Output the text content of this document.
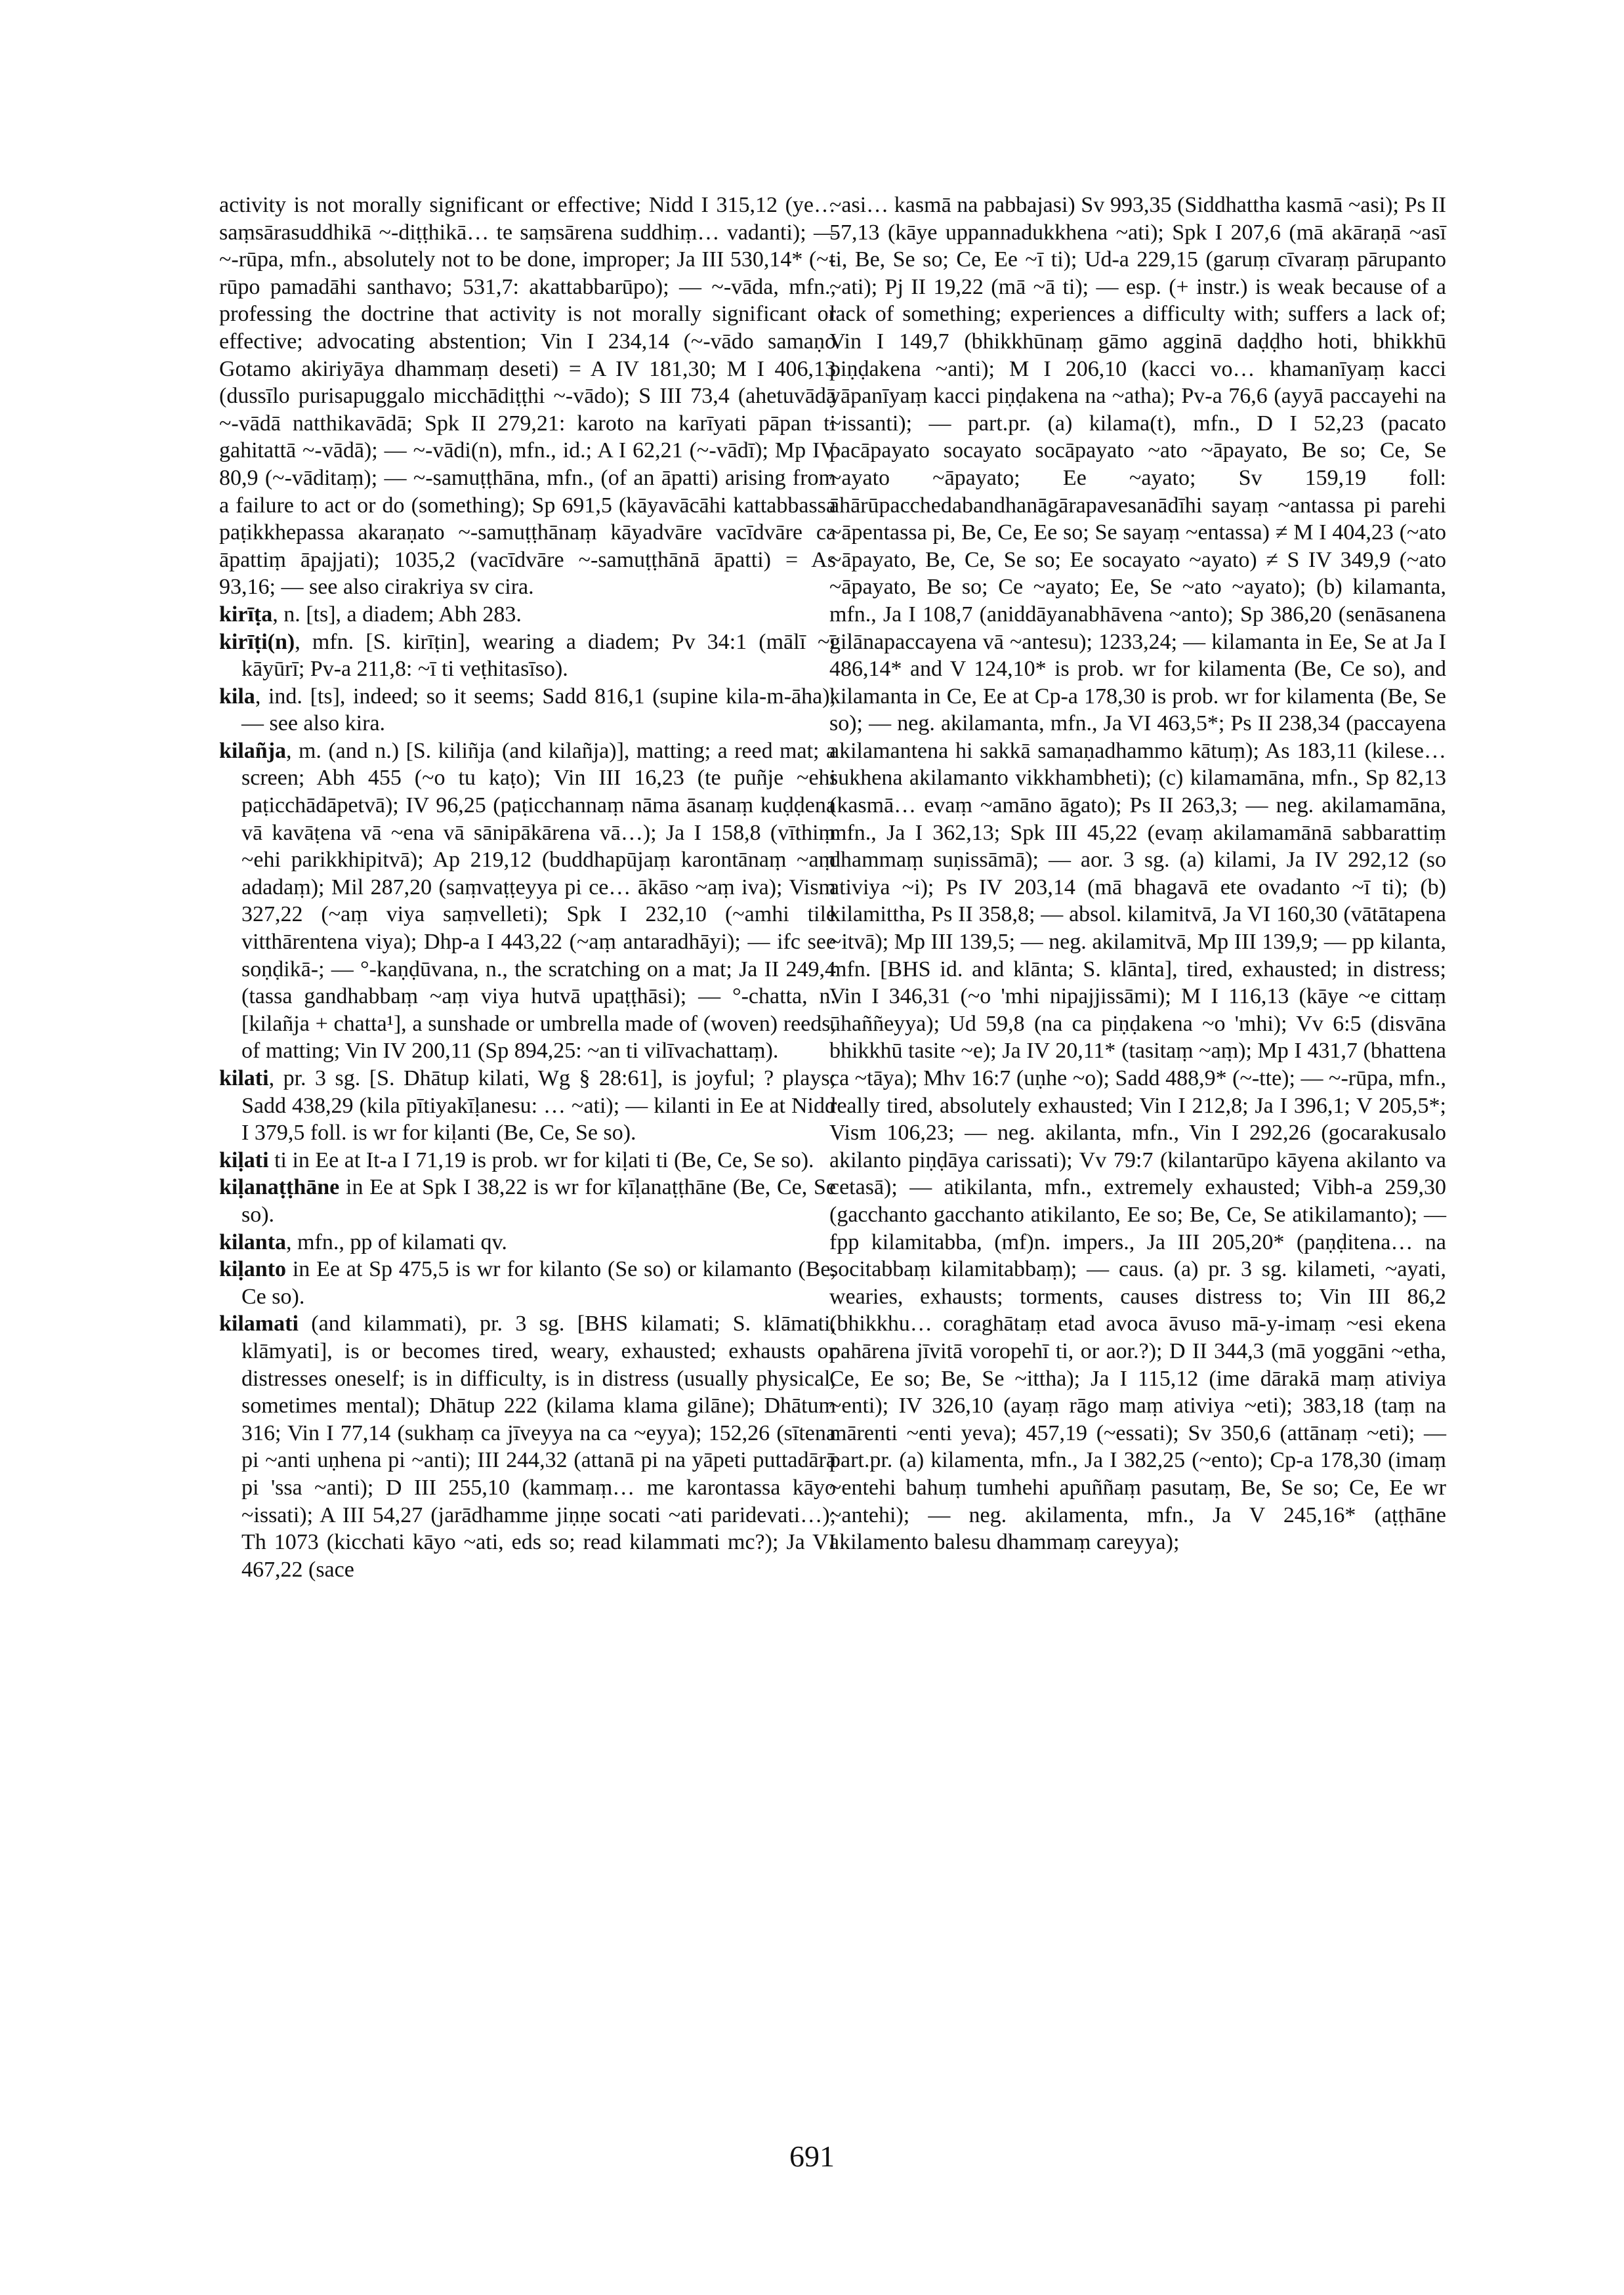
activity is not morally significant or effective; Nidd I 315,12 (ye… saṃsārasuddhikā ~-diṭṭhikā… te saṃsārena suddhiṃ… vadanti); — ~-rūpa, mfn., absolutely not to be done, improper; Ja III 530,14* (~-rūpo pamadāhi santhavo; 531,7: akattabbarūpo); — ~-vāda, mfn., professing the doctrine that activity is not morally significant or effective; advocating abstention; Vin I 234,14 (~-vādo samaṇo Gotamo akiriyāya dhammaṃ deseti) = A IV 181,30; M I 406,13 (dussīlo purisapuggalo micchādiṭṭhi ~-vādo); S III 73,4 (ahetuvādā ~-vādā natthikavādā; Spk II 279,21: karoto na karīyati pāpan ti gahitattā ~-vādā); — ~-vādi(n), mfn., id.; A I 62,21 (~-vādī); Mp IV 80,9 (~-vāditaṃ); — ~-samuṭṭhāna, mfn., (of an āpatti) arising from a failure to act or do (something); Sp 691,5 (kāyavācāhi kattabbassa paṭikkhepassa akaraṇato ~-samuṭṭhānaṃ kāyadvāre vacīdvāre ca āpattiṃ āpajjati); 1035,2 (vacīdvāre ~-samuṭṭhānā āpatti) = As 93,16; — see also cirakriya sv cira.

kirīṭa, n. [ts], a diadem; Abh 283.

kirīṭi(n), mfn. [S. kirīṭin], wearing a diadem; Pv 34:1 (mālī ~ī kāyūrī; Pv-a 211,8: ~ī ti veṭhitasīso).

kila, ind. [ts], indeed; so it seems; Sadd 816,1 (supine kila-m-āha); — see also kira.

kilañja, m. (and n.) [S. kiliñja (and kilañja)], matting; a reed mat; a screen; Abh 455 (~o tu kaṭo); Vin III 16,23 (te puñje ~ehi paṭicchādāpetvā); IV 96,25 (paṭicchannaṃ nāma āsanaṃ kuḍḍena vā kavāṭena vā ~ena vā sānipākārena vā…); Ja I 158,8 (vīthiṃ ~ehi parikkhipitvā); Ap 219,12 (buddhapūjaṃ karontānaṃ ~aṃ adadaṃ); Mil 287,20 (saṃvaṭṭeyya pi ce… ākāso ~aṃ iva); Vism 327,22 (~aṃ viya saṃvelleti); Spk I 232,10 (~amhi tile vitthārentena viya); Dhp-a I 443,22 (~aṃ antaradhāyi); — ifc see soṇḍikā-; — °-kaṇḍūvana, n., the scratching on a mat; Ja II 249,4 (tassa gandhabbaṃ ~aṃ viya hutvā upaṭṭhāsi); — °-chatta, n. [kilañja + chatta¹], a sunshade or umbrella made of (woven) reeds, of matting; Vin IV 200,11 (Sp 894,25: ~an ti vilīvachattaṃ).

kilati, pr. 3 sg. [S. Dhātup kilati, Wg § 28:61], is joyful; ? plays; Sadd 438,29 (kila pītiyakīḷanesu: … ~ati); — kilanti in Ee at Nidd I 379,5 foll. is wr for kiḷanti (Be, Ce, Se so).

kiḷati ti in Ee at It-a I 71,19 is prob. wr for kiḷati ti (Be, Ce, Se so).

kiḷanaṭṭhāne in Ee at Spk I 38,22 is wr for kīḷanaṭṭhāne (Be, Ce, Se so).

kilanta, mfn., pp of kilamati qv.

kiḷanto in Ee at Sp 475,5 is wr for kilanto (Se so) or kilamanto (Be, Ce so).

kilamati (and kilammati), pr. 3 sg. [BHS kilamati; S. klāmati, klāmyati], is or becomes tired, weary, exhausted; exhausts or distresses oneself; is in difficulty, is in distress (usually physical, sometimes mental); Dhātup 222 (kilama klama gilāne); Dhātum 316; Vin I 77,14 (sukhaṃ ca jīveyya na ca ~eyya); 152,26 (sītena pi ~anti uṇhena pi ~anti); III 244,32 (attanā pi na yāpeti puttadārā pi 'ssa ~anti); D III 255,10 (kammaṃ… me karontassa kāyo ~issati); A III 54,27 (jarādhamme jiṇṇe socati ~ati paridevati…); Th 1073 (kicchati kāyo ~ati, eds so; read kilammati mc?); Ja VI 467,22 (sace

~asi… kasmā na pabbajasi) Sv 993,35 (Siddhattha kasmā ~asi); Ps II 57,13 (kāye uppannadukkhena ~ati); Spk I 207,6 (mā akāraṇā ~asī ti, Be, Se so; Ce, Ee ~ī ti); Ud-a 229,15 (garuṃ cīvaraṃ pārupanto ~ati); Pj II 19,22 (mā ~ā ti); — esp. (+ instr.) is weak because of a lack of something; experiences a difficulty with; suffers a lack of; Vin I 149,7 (bhikkhūnaṃ gāmo agginā daḍḍho hoti, bhikkhū piṇḍakena ~anti); M I 206,10 (kacci vo… khamanīyaṃ kacci yāpanīyaṃ kacci piṇḍakena na ~atha); Pv-a 76,6 (ayyā paccayehi na ~issanti); — part.pr. (a) kilama(t), mfn., D I 52,23 (pacato pacāpayato socayato socāpayato ~ato ~āpayato, Be so; Ce, Se ~ayato ~āpayato; Ee ~ayato; Sv 159,19 foll: āhārūpacchedabandhanāgārapavesanādīhi sayaṃ ~antassa pi parehi ~āpentassa pi, Be, Ce, Ee so; Se sayaṃ ~entassa) ≠ M I 404,23 (~ato ~āpayato, Be, Ce, Se so; Ee socayato ~ayato) ≠ S IV 349,9 (~ato ~āpayato, Be so; Ce ~ayato; Ee, Se ~ato ~ayato); (b) kilamanta, mfn., Ja I 108,7 (aniddāyanabhāvena ~anto); Sp 386,20 (senāsanena gilānapaccayena vā ~antesu); 1233,24; — kilamanta in Ee, Se at Ja I 486,14* and V 124,10* is prob. wr for kilamenta (Be, Ce so), and kilamanta in Ce, Ee at Cp-a 178,30 is prob. wr for kilamenta (Be, Se so); — neg. akilamanta, mfn., Ja VI 463,5*; Ps II 238,34 (paccayena akilamantena hi sakkā samaṇadhammo kātuṃ); As 183,11 (kilese… sukhena akilamanto vikkhambheti); (c) kilamamāna, mfn., Sp 82,13 (kasmā… evaṃ ~amāno āgato); Ps II 263,3; — neg. akilamamāna, mfn., Ja I 362,13; Spk III 45,22 (evaṃ akilamamānā sabbarattiṃ dhammaṃ suṇissāmā); — aor. 3 sg. (a) kilami, Ja IV 292,12 (so ativiya ~i); Ps IV 203,14 (mā bhagavā ete ovadanto ~ī ti); (b) kilamittha, Ps II 358,8; — absol. kilamitvā, Ja VI 160,30 (vātātapena ~itvā); Mp III 139,5; — neg. akilamitvā, Mp III 139,9; — pp kilanta, mfn. [BHS id. and klānta; S. klānta], tired, exhausted; in distress; Vin I 346,31 (~o 'mhi nipajjissāmi); M I 116,13 (kāye ~e cittaṃ ūhaññeyya); Ud 59,8 (na ca piṇḍakena ~o 'mhi); Vv 6:5 (disvāna bhikkhū tasite ~e); Ja IV 20,11* (tasitaṃ ~aṃ); Mp I 431,7 (bhattena ca ~tāya); Mhv 16:7 (uṇhe ~o); Sadd 488,9* (~-tte); — ~-rūpa, mfn., really tired, absolutely exhausted; Vin I 212,8; Ja I 396,1; V 205,5*; Vism 106,23; — neg. akilanta, mfn., Vin I 292,26 (gocarakusalo akilanto piṇḍāya carissati); Vv 79:7 (kilantarūpo kāyena akilanto va cetasā); — atikilanta, mfn., extremely exhausted; Vibh-a 259,30 (gacchanto gacchanto atikilanto, Ee so; Be, Ce, Se atikilamanto); — fpp kilamitabba, (mf)n. impers., Ja III 205,20* (paṇḍitena… na socitabbaṃ kilamitabbaṃ); — caus. (a) pr. 3 sg. kilameti, ~ayati, wearies, exhausts; torments, causes distress to; Vin III 86,2 (bhikkhu… coraghātaṃ etad avoca āvuso mā-y-imaṃ ~esi ekena pahārena jīvitā voropehī ti, or aor.?); D II 344,3 (mā yoggāni ~etha, Ce, Ee so; Be, Se ~ittha); Ja I 115,12 (ime dārakā maṃ ativiya ~enti); IV 326,10 (ayaṃ rāgo maṃ ativiya ~eti); 383,18 (taṃ na mārenti ~enti yeva); 457,19 (~essati); Sv 350,6 (attānaṃ ~eti); — part.pr. (a) kilamenta, mfn., Ja I 382,25 (~ento); Cp-a 178,30 (imaṃ ~entehi bahuṃ tumhehi apuññaṃ pasutaṃ, Be, Se so; Ce, Ee wr ~antehi); — neg. akilamenta, mfn., Ja V 245,16* (aṭṭhāne akilamento balesu dhammaṃ careyya);

691
